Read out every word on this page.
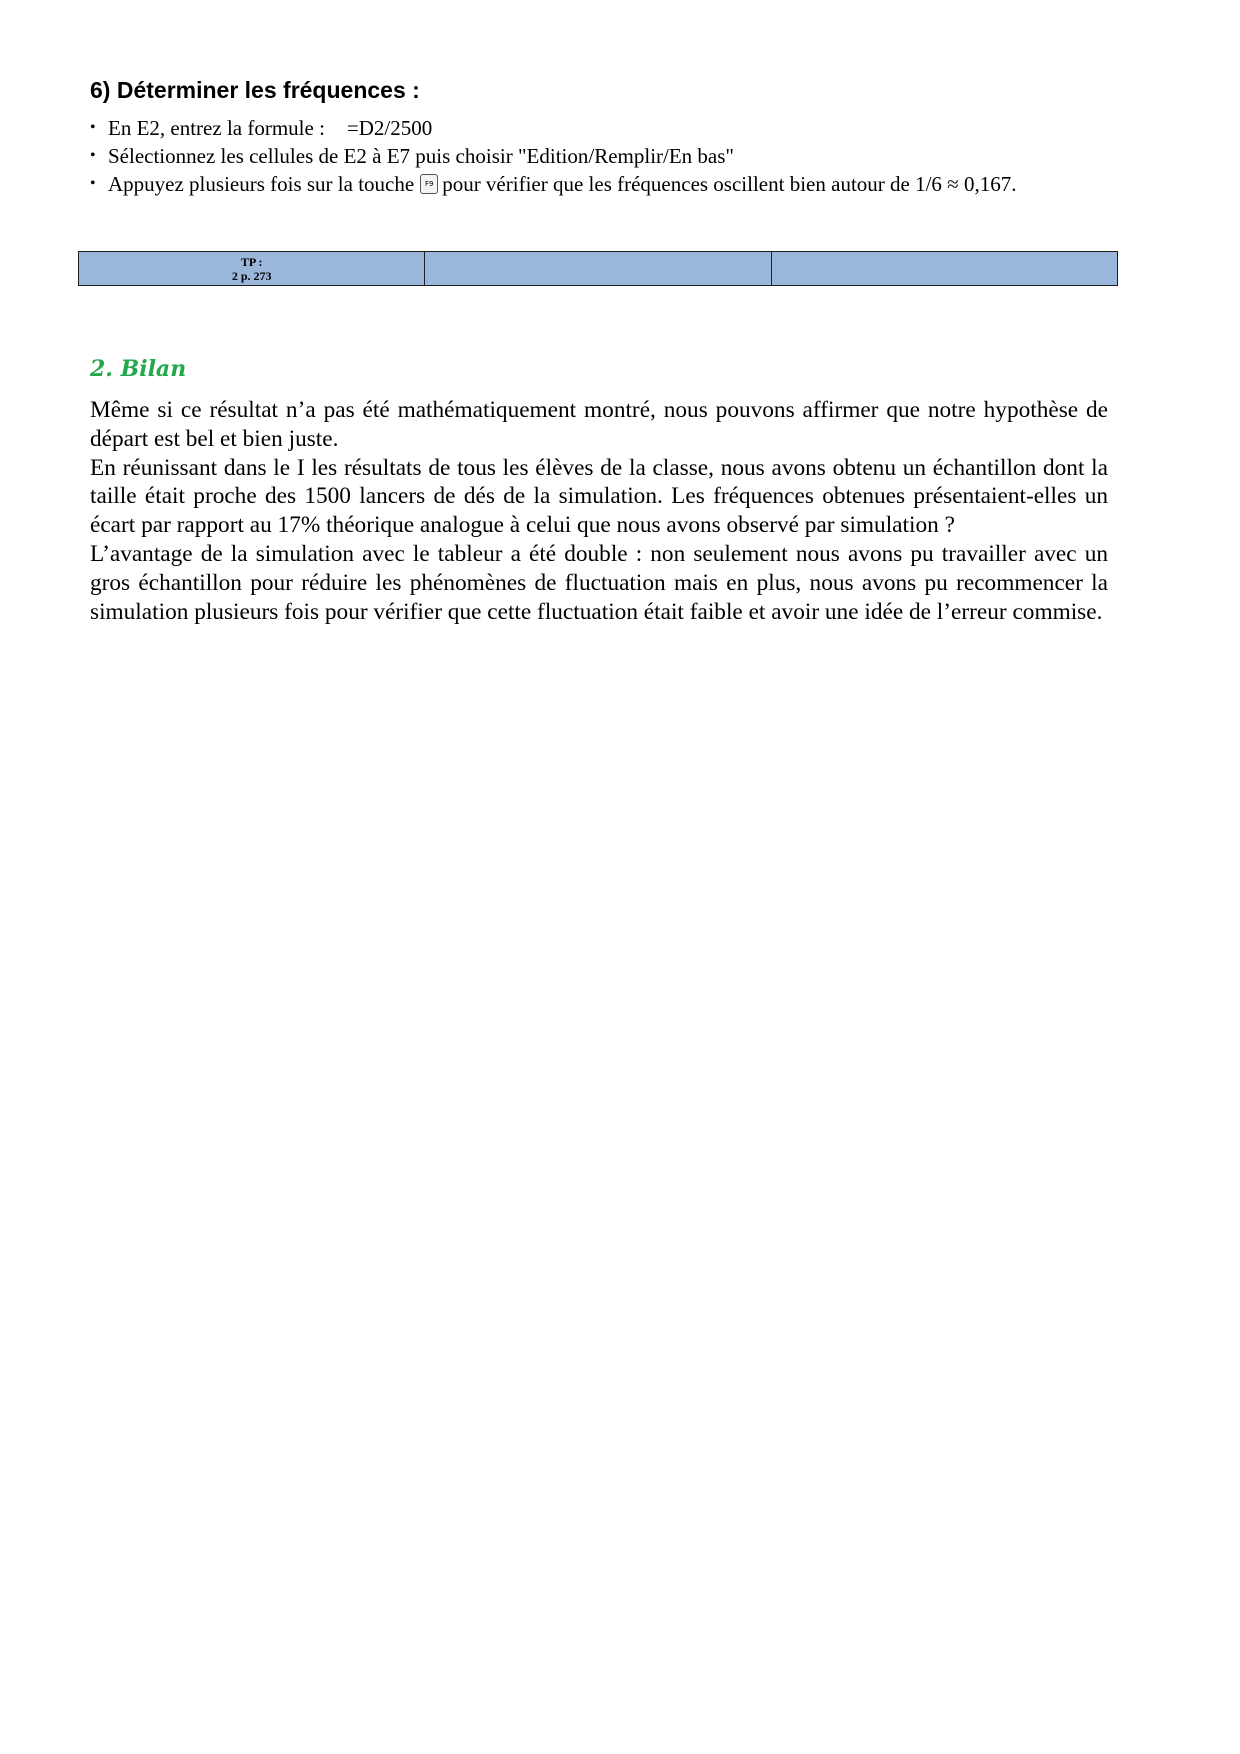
6) Déterminer les fréquences :
• En E2, entrez la formule : =D2/2500
• Sélectionnez les cellules de E2 à E7 puis choisir "Edition/Remplir/En bas"
• Appuyez plusieurs fois sur la touche F9 pour vérifier que les fréquences oscillent bien autour de 1/6 ≈ 0,167.
TP :
2 p. 273

2. Bilan

Même si ce résultat n’a pas été mathématiquement montré, nous pouvons affirmer que notre hypothèse de départ est bel et bien juste.

En réunissant dans le I les résultats de tous les élèves de la classe, nous avons obtenu un échantillon dont la taille était proche des 1500 lancers de dés de la simulation. Les fréquences obtenues présentaient-elles un écart par rapport au 17% théorique analogue à celui que nous avons observé par simulation ?

L’avantage de la simulation avec le tableur a été double : non seulement nous avons pu travailler avec un gros échantillon pour réduire les phénomènes de fluctuation mais en plus, nous avons pu recommencer la simulation plusieurs fois pour vérifier que cette fluctuation était faible et avoir une idée de l’erreur commise.
